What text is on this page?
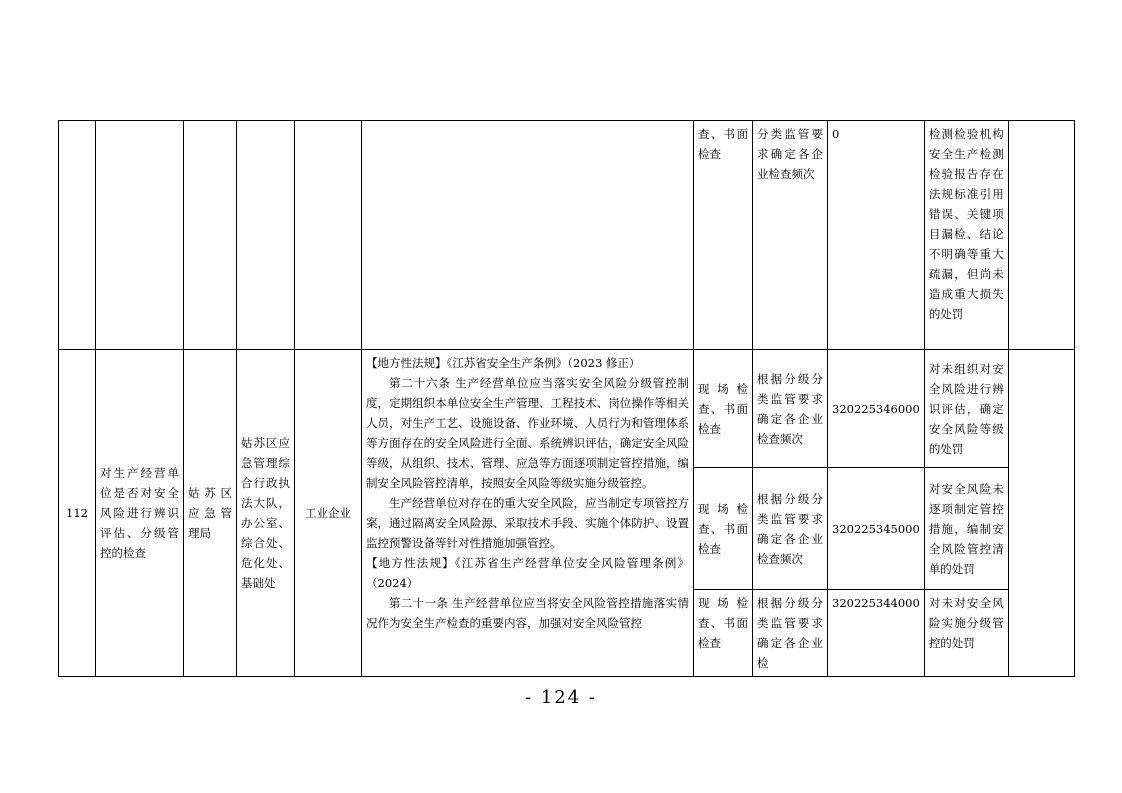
						查、书面检查	分类监管要求确定各企业检查频次	0	检测检验机构安全生产检测检验报告存在法规标准引用错误、关键项目漏检、结论不明确等重大疏漏，但尚未造成重大损失的处罚	
112	对生产经营单位是否对安全风险进行辨识评估、分级管控的检查	姑苏区应急管理局	姑苏区应急管理综合行政执法大队，办公室、综合处、危化处、基础处	工业企业	【地方性法规】《江苏省安全生产条例》（2023 修正）

第二十六条 生产经营单位应当落实安全风险分级管控制度，定期组织本单位安全生产管理、工程技术、岗位操作等相关人员，对生产工艺、设施设备、作业环境、人员行为和管理体系等方面存在的安全风险进行全面、系统辨识评估，确定安全风险等级，从组织、技术、管理、应急等方面逐项制定管控措施，编制安全风险管控清单，按照安全风险等级实施分级管控。

生产经营单位对存在的重大安全风险，应当制定专项管控方案，通过隔离安全风险源、采取技术手段、实施个体防护、设置监控预警设备等针对性措施加强管控。

【地方性法规】《江苏省生产经营单位安全风险管理条例》（2024）

第二十一条 生产经营单位应当将安全风险管控措施落实情况作为安全生产检查的重要内容，加强对安全风险管控	现场检查、书面检查	根据分级分类监管要求确定各企业检查频次	320225346000	对未组织对安全风险进行辨识评估，确定安全风险等级的处罚	
						现场检查、书面检查	根据分级分类监管要求确定各企业检查频次	320225345000	对安全风险未逐项制定管控措施，编制安全风险管控清单的处罚	
						现场检查、书面检查	根据分级分类监管要求确定各企业检	320225344000	对未对安全风险实施分级管控的处罚	
- 124 -
